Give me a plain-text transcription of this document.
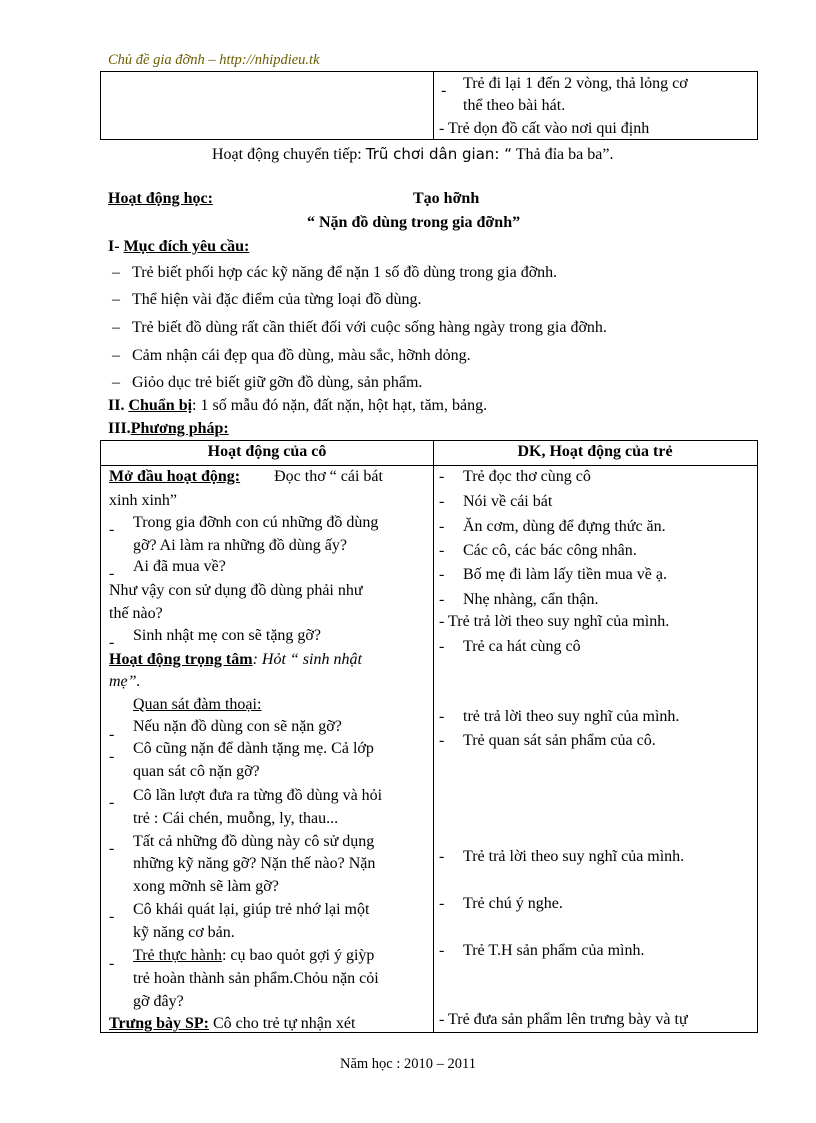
Chủ đề gia đỡnh – http://nhipdieu.tk
- Trẻ đi lại 1 đến 2 vòng, thả lỏng cơ
thể theo bài hát.
- Trẻ dọn đồ cất vào nơi qui định
Hoạt động chuyển tiếp: Trũ chơi dân gian: “ Thả đỉa ba ba”.
Hoạt động học:	Tạo hỡnh
“ Nặn đồ dùng trong gia đỡnh”
I- Mục đích yêu cầu:
– Trẻ biết phối hợp các kỹ năng để nặn 1 số đồ dùng trong gia đỡnh.
– Thể hiện vài đặc điểm của từng loại đồ dùng.
– Trẻ biết đồ dùng rất cần thiết đối với cuộc sống hàng ngày trong gia đỡnh.
– Cảm nhận cái đẹp qua đồ dùng, màu sắc, hỡnh dỏng.
– Giỏo dục trẻ biết giữ gỡn đồ dùng, sản phẩm.
II. Chuẩn bị: 1 số mẫu đó nặn, đất nặn, hột hạt, tăm, bảng.
III.Phương pháp:
Hoạt động của cô	DK, Hoạt động của trẻ
Mở đầu hoạt động: Đọc thơ “ cái bát
xinh xinh”
- Trong gia đỡnh con cú những đồ dùng
gỡ? Ai làm ra những đồ dùng ấy?
- Ai đã mua về?
Như vậy con sử dụng đồ dùng phải như
thế nào?
- Sinh nhật mẹ con sẽ tặng gỡ?
Hoạt động trọng tâm: Hỏt “ sinh nhật
mẹ”.
Quan sát đàm thoại:
- Nếu nặn đồ dùng con sẽ nặn gỡ?
- Cô cũng nặn để dành tặng mẹ. Cả lớp
quan sát cô nặn gỡ?
- Cô lần lượt đưa ra từng đồ dùng và hỏi
trẻ : Cái chén, muỗng, ly, thau...
- Tất cả những đồ dùng này cô sử dụng
những kỹ năng gỡ? Nặn thế nào? Nặn
xong mỡnh sẽ làm gỡ?
- Cô khái quát lại, giúp trẻ nhớ lại một
kỹ năng cơ bản.
- Trẻ thực hành: cụ bao quỏt gợi ý giỳp
trẻ hoàn thành sản phẩm.Chỏu nặn cỏi
gỡ đây?
Trưng bày SP: Cô cho trẻ tự nhận xét
- Trẻ đọc thơ cùng cô
- Nói về cái bát
- Ăn cơm, dùng để đựng thức ăn.
- Các cô, các bác công nhân.
- Bố mẹ đi làm lấy tiền mua về ạ.
- Nhẹ nhàng, cẩn thận.
- Trẻ trả lời theo suy nghĩ của mình.
- Trẻ ca hát cùng cô
- trẻ trả lời theo suy nghĩ của mình.
- Trẻ quan sát sản phẩm của cô.
- Trẻ trả lời theo suy nghĩ của mình.
- Trẻ chú ý nghe.
- Trẻ T.H sản phẩm của mình.
- Trẻ đưa sản phẩm lên trưng bày và tự
Năm học : 2010 – 2011
